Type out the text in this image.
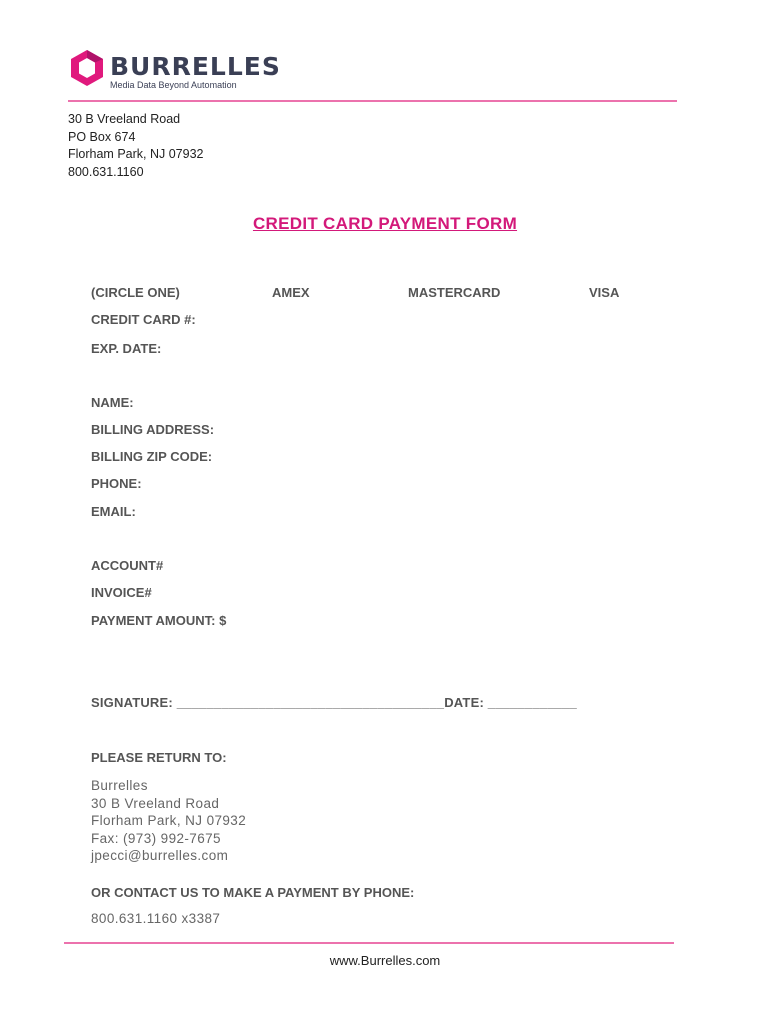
BURRELLES
Media Data Beyond Automation
30 B Vreeland Road
PO Box 674
Florham Park, NJ 07932
800.631.1160
CREDIT CARD PAYMENT FORM
(CIRCLE ONE)	AMEX	MASTERCARD	VISA
CREDIT CARD #:
EXP. DATE:
NAME:
BILLING ADDRESS:
BILLING ZIP CODE:
PHONE:
EMAIL:
ACCOUNT#
INVOICE#
PAYMENT AMOUNT: $
SIGNATURE: ____________________________________DATE: ____________
PLEASE RETURN TO:
Burrelles
30 B Vreeland Road
Florham Park, NJ 07932
Fax: (973) 992-7675
jpecci@burrelles.com
OR CONTACT US TO MAKE A PAYMENT BY PHONE:
800.631.1160 x3387
www.Burrelles.com
